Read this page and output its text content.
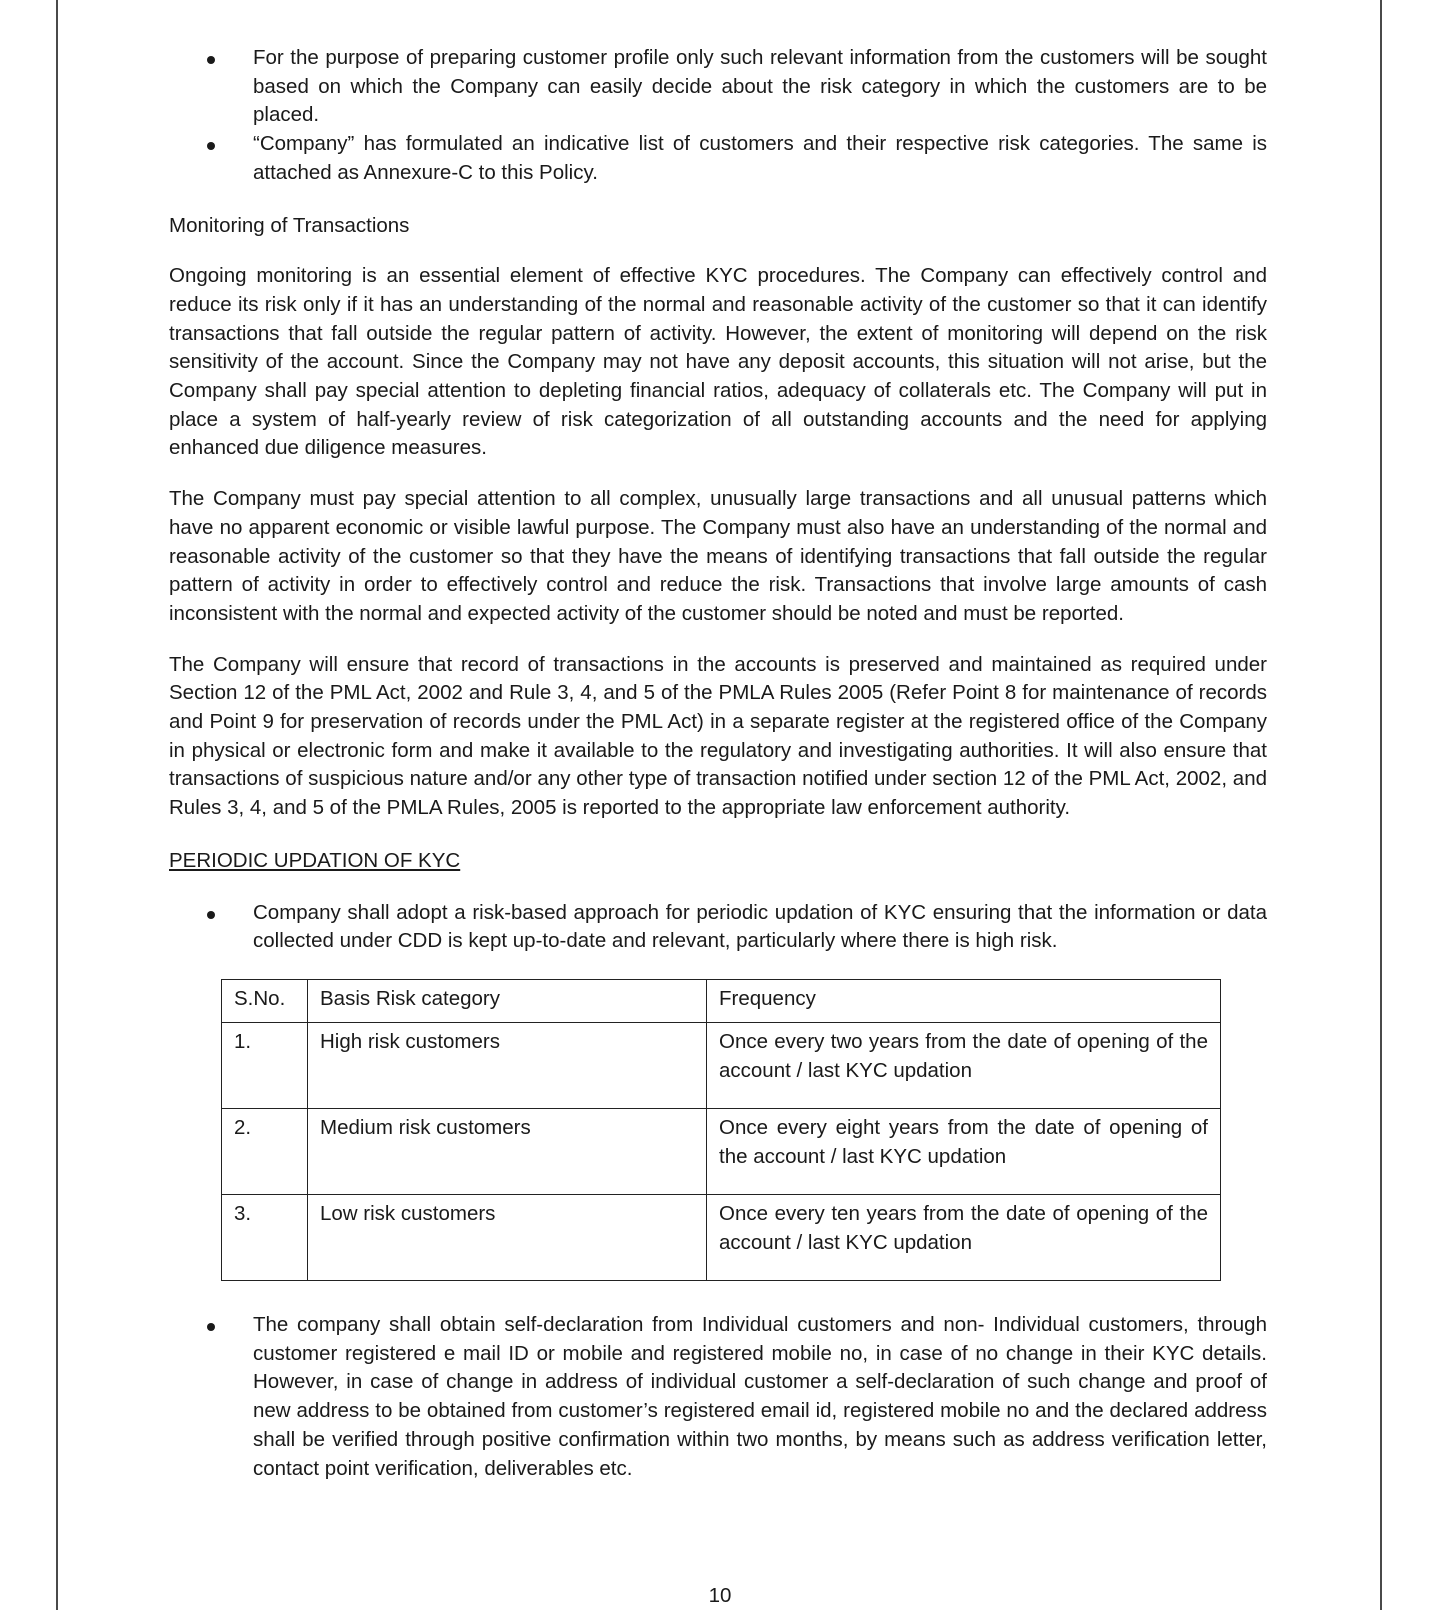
For the purpose of preparing customer profile only such relevant information from the customers will be sought based on which the Company can easily decide about the risk category in which the customers are to be placed.
“Company” has formulated an indicative list of customers and their respective risk categories. The same is attached as Annexure-C to this Policy.

Monitoring of Transactions

Ongoing monitoring is an essential element of effective KYC procedures. The Company can effectively control and reduce its risk only if it has an understanding of the normal and reasonable activity of the customer so that it can identify transactions that fall outside the regular pattern of activity. However, the extent of monitoring will depend on the risk sensitivity of the account. Since the Company may not have any deposit accounts, this situation will not arise, but the Company shall pay special attention to depleting financial ratios, adequacy of collaterals etc. The Company will put in place a system of half-yearly review of risk categorization of all outstanding accounts and the need for applying enhanced due diligence measures.

The Company must pay special attention to all complex, unusually large transactions and all unusual patterns which have no apparent economic or visible lawful purpose. The Company must also have an understanding of the normal and reasonable activity of the customer so that they have the means of identifying transactions that fall outside the regular pattern of activity in order to effectively control and reduce the risk. Transactions that involve large amounts of cash inconsistent with the normal and expected activity of the customer should be noted and must be reported.

The Company will ensure that record of transactions in the accounts is preserved and maintained as required under Section 12 of the PML Act, 2002 and Rule 3, 4, and 5 of the PMLA Rules 2005 (Refer Point 8 for maintenance of records and Point 9 for preservation of records under the PML Act) in a separate register at the registered office of the Company in physical or electronic form and make it available to the regulatory and investigating authorities. It will also ensure that transactions of suspicious nature and/or any other type of transaction notified under section 12 of the PML Act, 2002, and Rules 3, 4, and 5 of the PMLA Rules, 2005 is reported to the appropriate law enforcement authority.

PERIODIC UPDATION OF KYC

Company shall adopt a risk-based approach for periodic updation of KYC ensuring that the information or data collected under CDD is kept up-to-date and relevant, particularly where there is high risk.
S.No.	Basis Risk category	Frequency
1.	High risk customers	Once every two years from the date of opening of the account / last KYC updation
2.	Medium risk customers	Once every eight years from the date of opening of the account / last KYC updation
3.	Low risk customers	Once every ten years from the date of opening of the account / last KYC updation
The company shall obtain self-declaration from Individual customers and non- Individual customers, through customer registered e mail ID or mobile and registered mobile no, in case of no change in their KYC details. However, in case of change in address of individual customer a self-declaration of such change and proof of new address to be obtained from customer’s registered email id, registered mobile no and the declared address shall be verified through positive confirmation within two months, by means such as address verification letter, contact point verification, deliverables etc.
10
